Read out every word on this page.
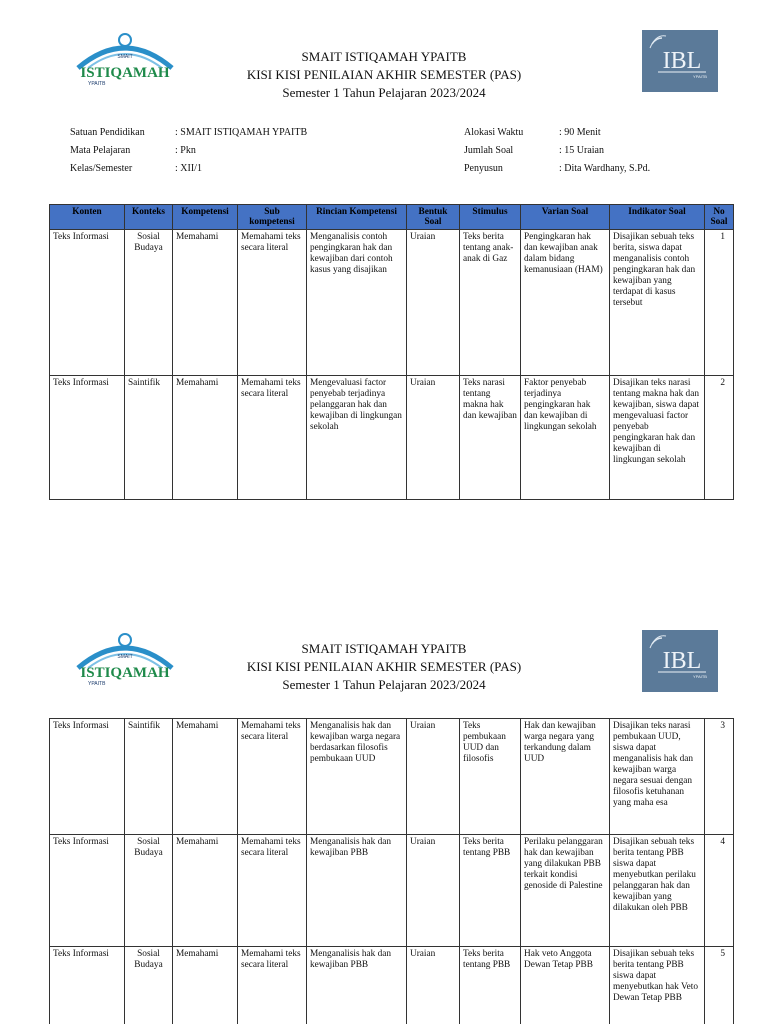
SMAIT
ISTIQAMAH
YPAITB
SMAIT ISTIQAMAH YPAITB
KISI KISI PENILAIAN AKHIR SEMESTER (PAS)
Semester 1 Tahun Pelajaran 2023/2024
IBL
YPAITB
Satuan Pendidikan	: SMAIT ISTIQAMAH YPAITB
Mata Pelajaran	: Pkn
Kelas/Semester	: XII/1
Alokasi Waktu	: 90 Menit
Jumlah Soal	: 15 Uraian
Penyusun	: Dita Wardhany, S.Pd.
Konten	Konteks	Kompetensi	Sub kompetensi	Rincian Kompetensi	Bentuk Soal	Stimulus	Varian Soal	Indikator Soal	No Soal
Teks Informasi	Sosial Budaya	Memahami	Memahami teks secara literal	Menganalisis contoh pengingkaran hak dan kewajiban dari contoh kasus yang disajikan	Uraian	Teks berita tentang anak-anak di Gaz	Pengingkaran hak dan kewajiban anak dalam bidang kemanusiaan (HAM)	Disajikan sebuah teks berita, siswa dapat menganalisis contoh pengingkaran hak dan kewajiban yang terdapat di kasus tersebut	1
Teks Informasi	Saintifik	Memahami	Memahami teks secara literal	Mengevaluasi factor penyebab terjadinya pelanggaran hak dan kewajiban di lingkungan sekolah	Uraian	Teks narasi tentang makna hak dan kewajiban	Faktor penyebab terjadinya pengingkaran hak dan kewajiban di lingkungan sekolah	Disajikan teks narasi tentang makna hak dan kewajiban, siswa dapat mengevaluasi factor penyebab pengingkaran hak dan kewajiban di lingkungan sekolah	2
SMAIT
ISTIQAMAH
YPAITB
SMAIT ISTIQAMAH YPAITB
KISI KISI PENILAIAN AKHIR SEMESTER (PAS)
Semester 1 Tahun Pelajaran 2023/2024
IBL
YPAITB
Teks Informasi	Saintifik	Memahami	Memahami teks secara literal	Menganalisis hak dan kewajiban warga negara berdasarkan filosofis pembukaan UUD	Uraian	Teks pembukaan UUD dan filosofis	Hak dan kewajiban warga negara yang terkandung dalam UUD	Disajikan teks narasi pembukaan UUD, siswa dapat menganalisis hak dan kewajiban warga negara sesuai dengan filosofis ketuhanan yang maha esa	3
Teks Informasi	Sosial Budaya	Memahami	Memahami teks secara literal	Menganalisis hak dan kewajiban PBB	Uraian	Teks berita tentang PBB	Perilaku pelanggaran hak dan kewajiban yang dilakukan PBB terkait kondisi genoside di Palestine	Disajikan sebuah teks berita tentang PBB siswa dapat menyebutkan perilaku pelanggaran hak dan kewajiban yang dilakukan oleh PBB	4
Teks Informasi	Sosial Budaya	Memahami	Memahami teks secara literal	Menganalisis hak dan kewajiban PBB	Uraian	Teks berita tentang PBB	Hak veto Anggota Dewan Tetap PBB	Disajikan sebuah teks berita tentang PBB siswa dapat menyebutkan hak Veto Dewan Tetap PBB	5
